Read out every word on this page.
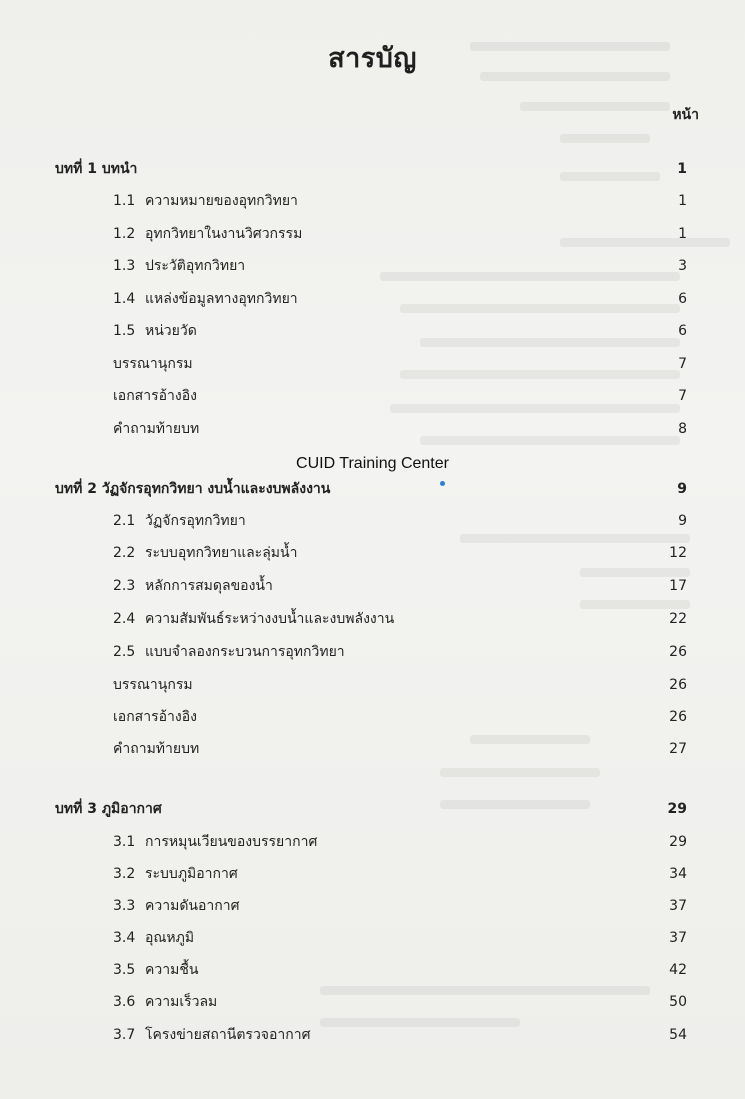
สารบัญ
หน้า
บทที่ 1 บทนำ	1
1.1 ความหมายของอุทกวิทยา	1
1.2 อุทกวิทยาในงานวิศวกรรม	1
1.3 ประวัติอุทกวิทยา	3
1.4 แหล่งข้อมูลทางอุทกวิทยา	6
1.5 หน่วยวัด	6
บรรณานุกรม	7
เอกสารอ้างอิง	7
คำถามท้ายบท	8
CUID Training Center
บทที่ 2 วัฏจักรอุทกวิทยา งบน้ำและงบพลังงาน	9
2.1 วัฏจักรอุทกวิทยา	9
2.2 ระบบอุทกวิทยาและลุ่มน้ำ	12
2.3 หลักการสมดุลของน้ำ	17
2.4 ความสัมพันธ์ระหว่างงบน้ำและงบพลังงาน	22
2.5 แบบจำลองกระบวนการอุทกวิทยา	26
บรรณานุกรม	26
เอกสารอ้างอิง	26
คำถามท้ายบท	27
บทที่ 3 ภูมิอากาศ	29
3.1 การหมุนเวียนของบรรยากาศ	29
3.2 ระบบภูมิอากาศ	34
3.3 ความดันอากาศ	37
3.4 อุณหภูมิ	37
3.5 ความชื้น	42
3.6 ความเร็วลม	50
3.7 โครงข่ายสถานีตรวจอากาศ	54
